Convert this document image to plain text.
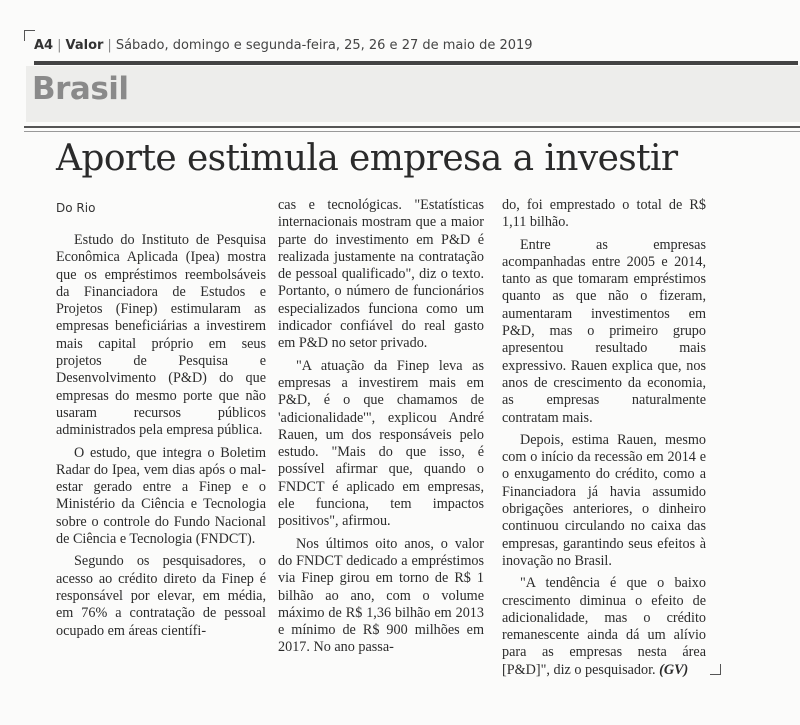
A4 | Valor | Sábado, domingo e segunda-feira, 25, 26 e 27 de maio de 2019
Brasil
Aporte estimula empresa a investir
Do Rio

Estudo do Instituto de Pesquisa Econômica Aplicada (Ipea) mostra que os empréstimos reembolsáveis da Financiadora de Estudos e Projetos (Finep) estimularam as empresas beneficiárias a investirem mais capital próprio em seus projetos de Pesquisa e Desenvolvimento (P&D) do que empresas do mesmo porte que não usaram recursos públicos administrados pela empresa pública.

O estudo, que integra o Boletim Radar do Ipea, vem dias após o mal-estar gerado entre a Finep e o Ministério da Ciência e Tecnologia sobre o controle do Fundo Nacional de Ciência e Tecnologia (FNDCT).

Segundo os pesquisadores, o acesso ao crédito direto da Finep é responsável por elevar, em média, em 76% a contratação de pessoal ocupado em áreas científi-

cas e tecnológicas. "Estatísticas internacionais mostram que a maior parte do investimento em P&D é realizada justamente na contratação de pessoal qualificado", diz o texto. Portanto, o número de funcionários especializados funciona como um indicador confiável do real gasto em P&D no setor privado.

"A atuação da Finep leva as empresas a investirem mais em P&D, é o que chamamos de 'adicionalidade'", explicou André Rauen, um dos responsáveis pelo estudo. "Mais do que isso, é possível afirmar que, quando o FNDCT é aplicado em empresas, ele funciona, tem impactos positivos", afirmou.

Nos últimos oito anos, o valor do FNDCT dedicado a empréstimos via Finep girou em torno de R$ 1 bilhão ao ano, com o volume máximo de R$ 1,36 bilhão em 2013 e mínimo de R$ 900 milhões em 2017. No ano passa-

do, foi emprestado o total de R$ 1,11 bilhão.

Entre as empresas acompanhadas entre 2005 e 2014, tanto as que tomaram empréstimos quanto as que não o fizeram, aumentaram investimentos em P&D, mas o primeiro grupo apresentou resultado mais expressivo. Rauen explica que, nos anos de crescimento da economia, as empresas naturalmente contratam mais.

Depois, estima Rauen, mesmo com o início da recessão em 2014 e o enxugamento do crédito, como a Financiadora já havia assumido obrigações anteriores, o dinheiro continuou circulando no caixa das empresas, garantindo seus efeitos à inovação no Brasil.

"A tendência é que o baixo crescimento diminua o efeito de adicionalidade, mas o crédito remanescente ainda dá um alívio para as empresas nesta área [P&D]", diz o pesquisador. (GV)
